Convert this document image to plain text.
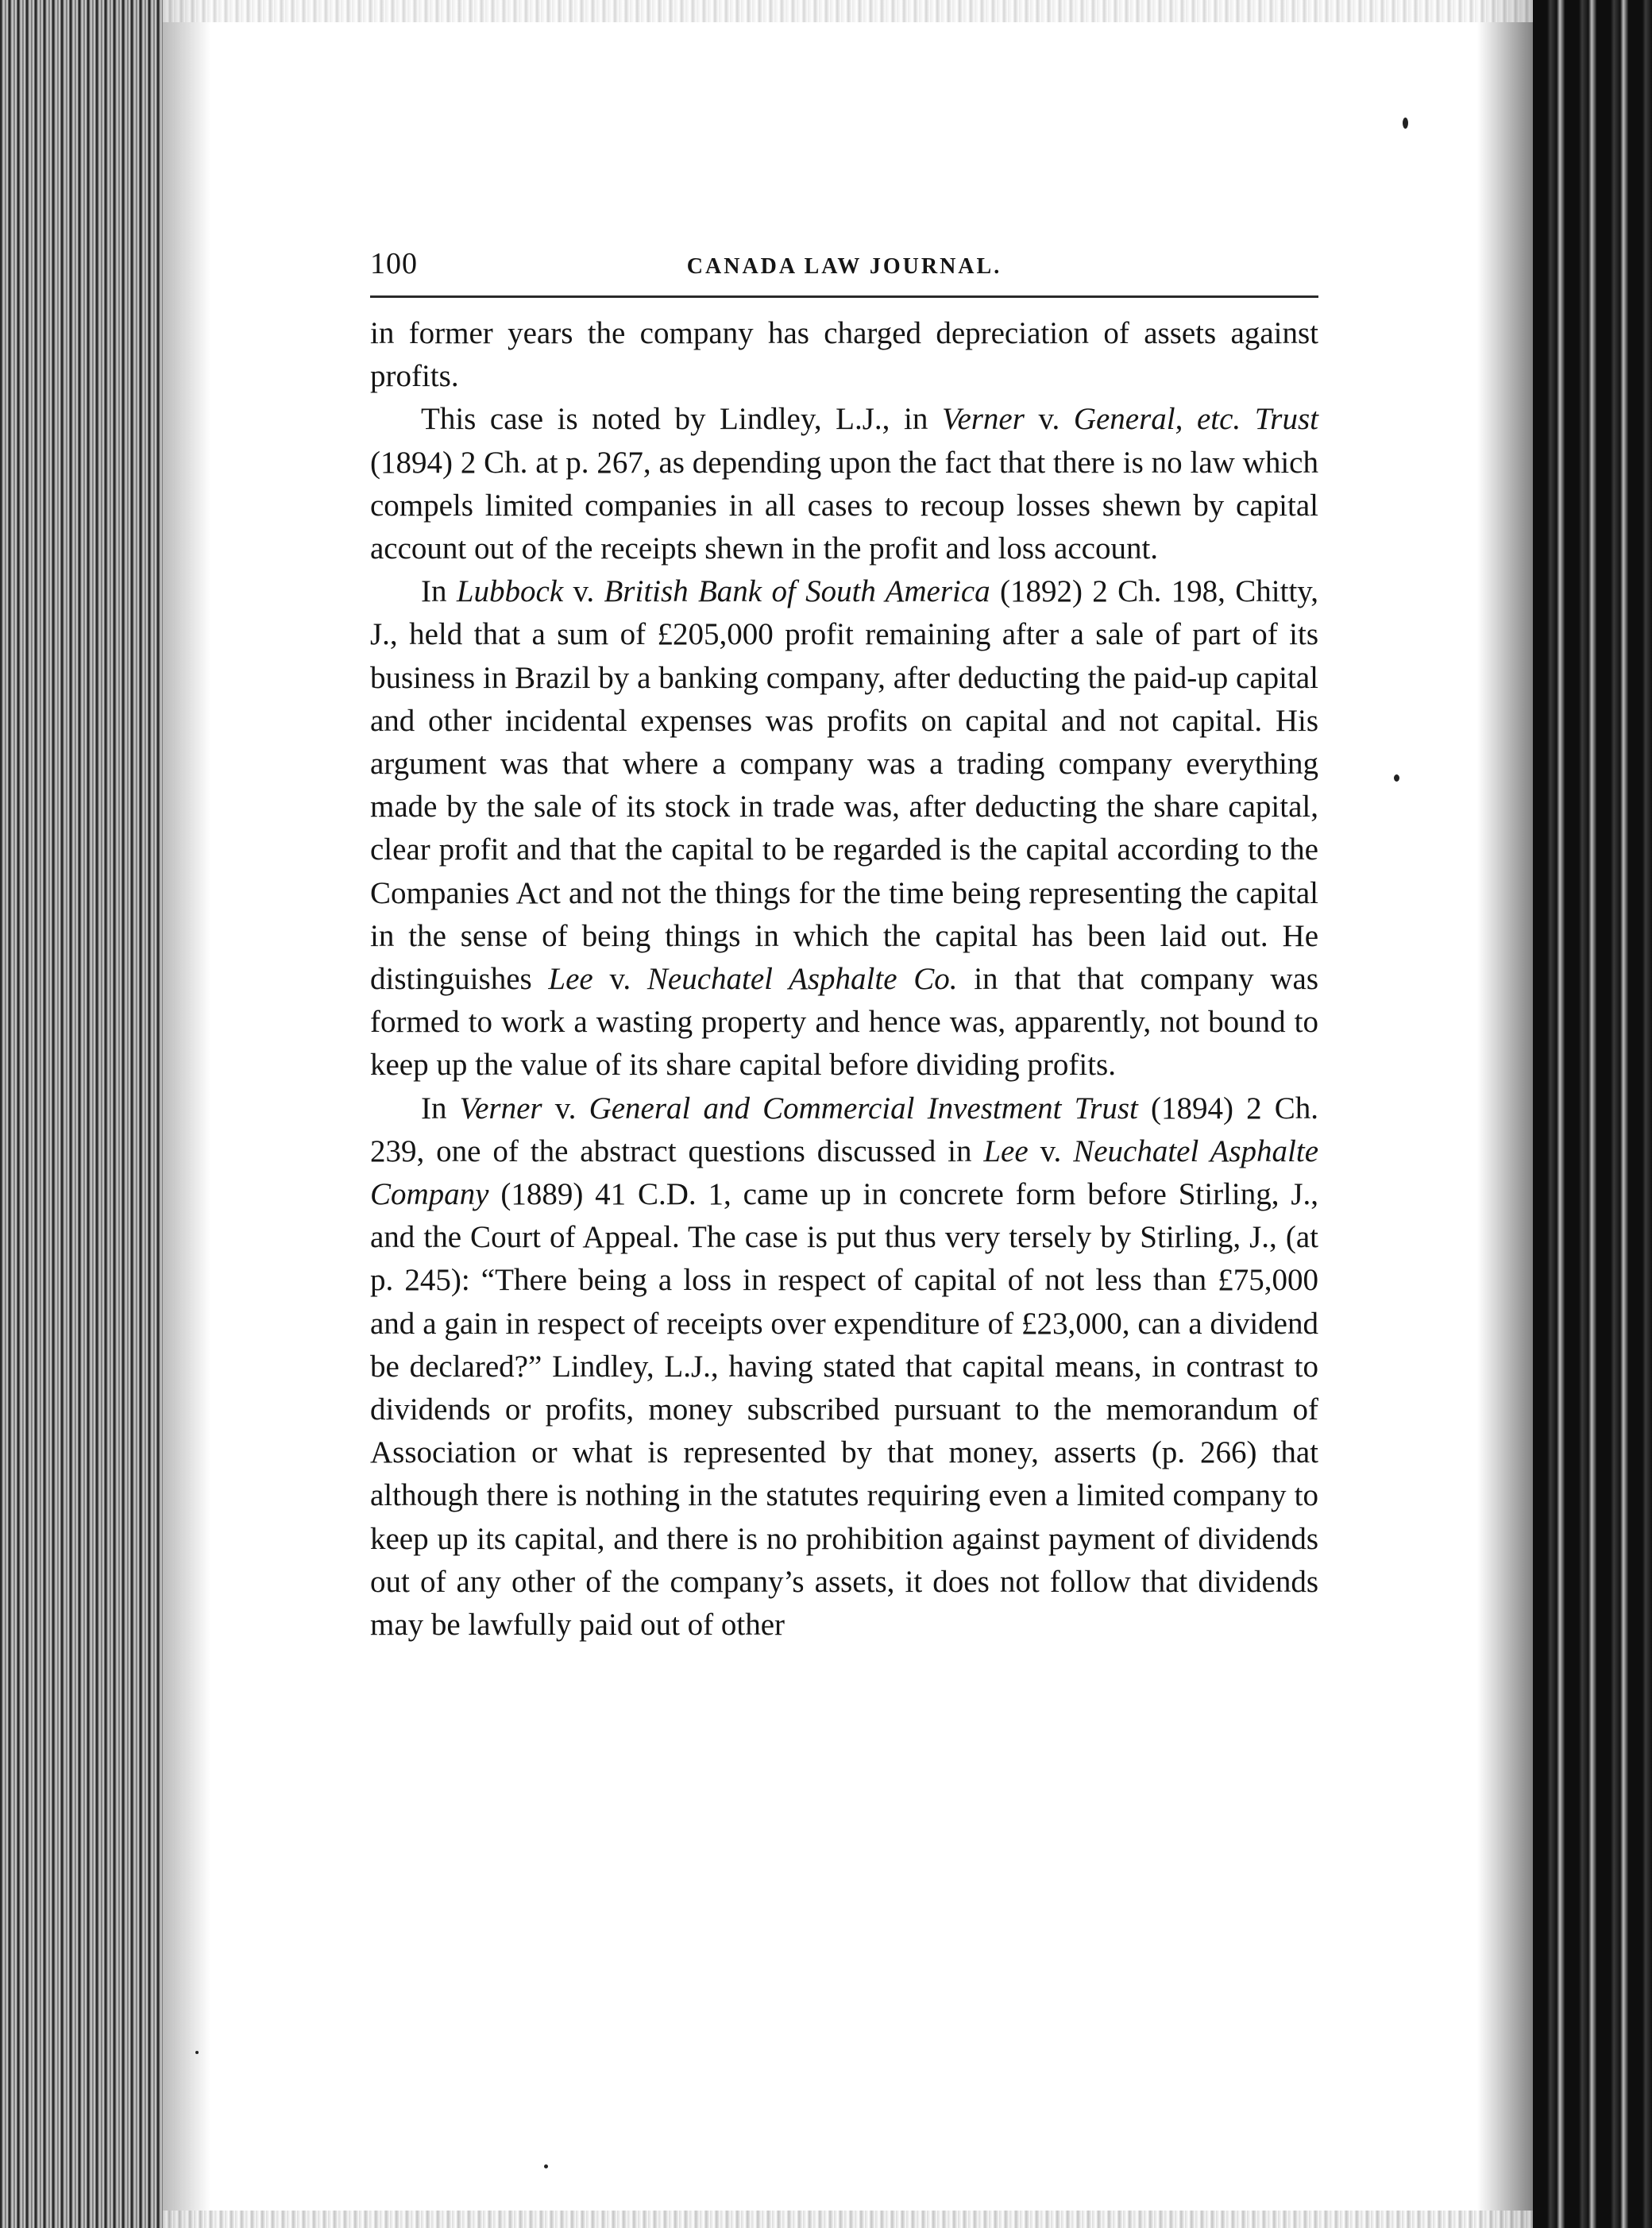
100	CANADA LAW JOURNAL.

in former years the company has charged depreciation of assets against profits.

This case is noted by Lindley, L.J., in Verner v. General, etc. Trust (1894) 2 Ch. at p. 267, as depending upon the fact that there is no law which compels limited companies in all cases to recoup losses shewn by capital account out of the receipts shewn in the profit and loss account.

In Lubbock v. British Bank of South America (1892) 2 Ch. 198, Chitty, J., held that a sum of £205,000 profit remaining after a sale of part of its business in Brazil by a banking company, after deducting the paid-up capital and other incidental expenses was profits on capital and not capital. His argument was that where a company was a trading company everything made by the sale of its stock in trade was, after deducting the share capital, clear profit and that the capital to be regarded is the capital according to the Companies Act and not the things for the time being representing the capital in the sense of being things in which the capital has been laid out. He distinguishes Lee v. Neuchatel Asphalte Co. in that that company was formed to work a wasting property and hence was, apparently, not bound to keep up the value of its share capital before dividing profits.

In Verner v. General and Commercial Investment Trust (1894) 2 Ch. 239, one of the abstract questions discussed in Lee v. Neuchatel Asphalte Company (1889) 41 C.D. 1, came up in concrete form before Stirling, J., and the Court of Appeal. The case is put thus very tersely by Stirling, J., (at p. 245): “There being a loss in respect of capital of not less than £75,000 and a gain in respect of receipts over expenditure of £23,000, can a dividend be declared?” Lindley, L.J., having stated that capital means, in contrast to dividends or profits, money subscribed pursuant to the memorandum of Association or what is represented by that money, asserts (p. 266) that although there is nothing in the statutes requiring even a limited company to keep up its capital, and there is no prohibition against payment of dividends out of any other of the company’s assets, it does not follow that dividends may be lawfully paid out of other
